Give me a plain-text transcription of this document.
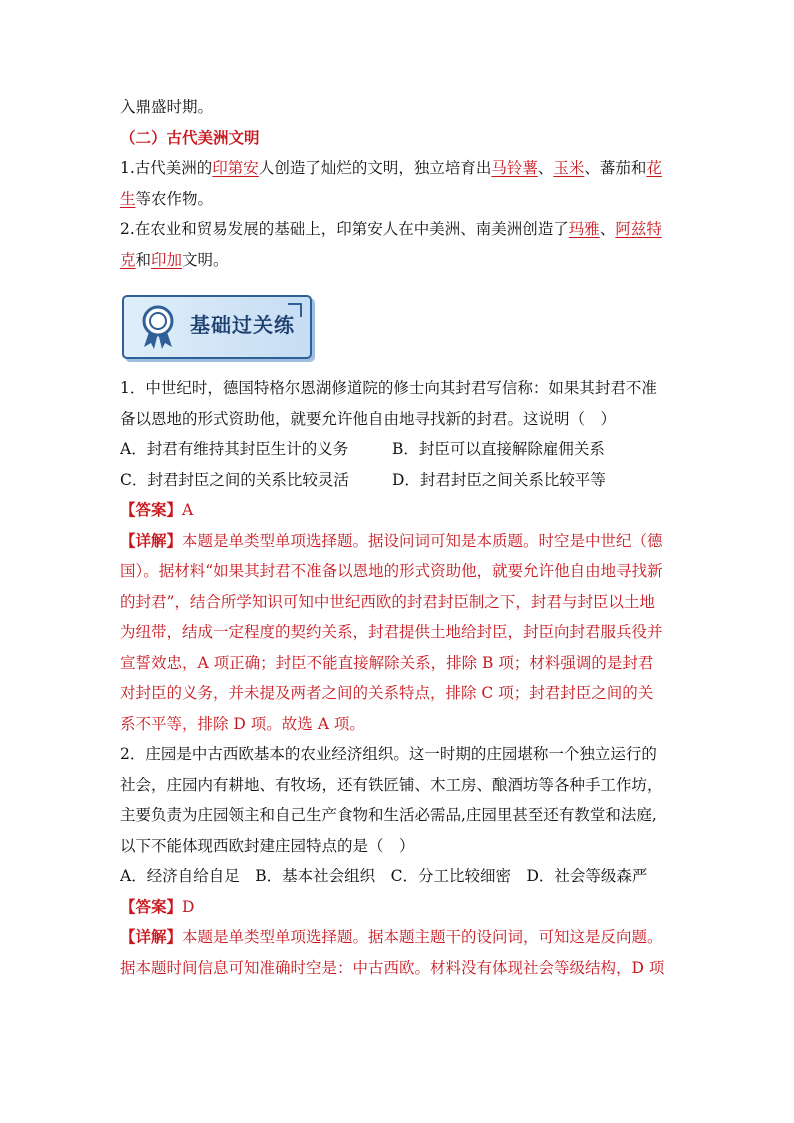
入鼎盛时期。

（二）古代美洲文明

1.古代美洲的印第安人创造了灿烂的文明，独立培育出马铃薯、玉米、蕃茄和花
生等农作物。

2.在农业和贸易发展的基础上，印第安人在中美洲、南美洲创造了玛雅、阿兹特
克和印加文明。

基础过关练

1．中世纪时，德国特格尔恩湖修道院的修士向其封君写信称：如果其封君不准

备以恩地的形式资助他，就要允许他自由地寻找新的封君。这说明（　）

A．封君有维持其封臣生计的义务	B．封臣可以直接解除雇佣关系
C．封君封臣之间的关系比较灵活	D．封君封臣之间关系比较平等

【答案】A

【详解】本题是单类型单项选择题。据设问词可知是本质题。时空是中世纪（德

国）。据材料“如果其封君不准备以恩地的形式资助他，就要允许他自由地寻找新

的封君”，结合所学知识可知中世纪西欧的封君封臣制之下，封君与封臣以土地

为纽带，结成一定程度的契约关系，封君提供土地给封臣，封臣向封君服兵役并

宣誓效忠，A 项正确；封臣不能直接解除关系，排除 B 项；材料强调的是封君

对封臣的义务，并未提及两者之间的关系特点，排除 C 项；封君封臣之间的关

系不平等，排除 D 项。故选 A 项。

2．庄园是中古西欧基本的农业经济组织。这一时期的庄园堪称一个独立运行的

社会，庄园内有耕地、有牧场，还有铁匠铺、木工房、酿酒坊等各种手工作坊，

主要负责为庄园领主和自己生产食物和生活必需品,庄园里甚至还有教堂和法庭,

以下不能体现西欧封建庄园特点的是（　）

A．经济自给自足　B．基本社会组织　C．分工比较细密　D．社会等级森严

【答案】D

【详解】本题是单类型单项选择题。据本题主题干的设问词，可知这是反向题。

据本题时间信息可知准确时空是：中古西欧。材料没有体现社会等级结构，D 项
